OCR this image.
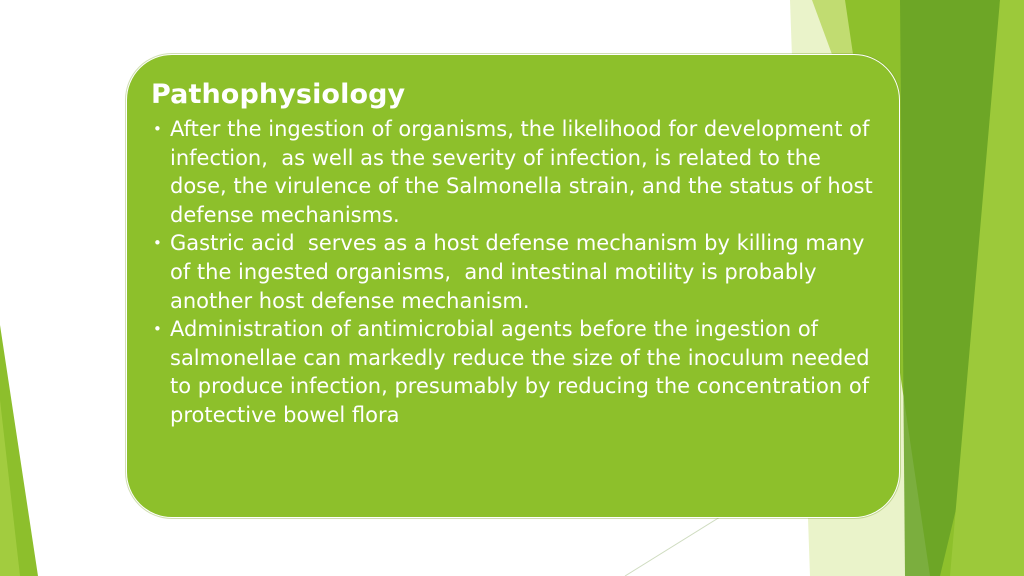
Pathophysiology
• After the ingestion of organisms, the likelihood for development of infection,  as well as the severity of infection, is related to the dose, the virulence of the Salmonella strain, and the status of host defense mechanisms.
• Gastric acid  serves as a host defense mechanism by killing many of the ingested organisms,  and intestinal motility is probably another host defense mechanism.
• Administration of antimicrobial agents before the ingestion of salmonellae can markedly reduce the size of the inoculum needed to produce infection, presumably by reducing the concentration of protective bowel flora
